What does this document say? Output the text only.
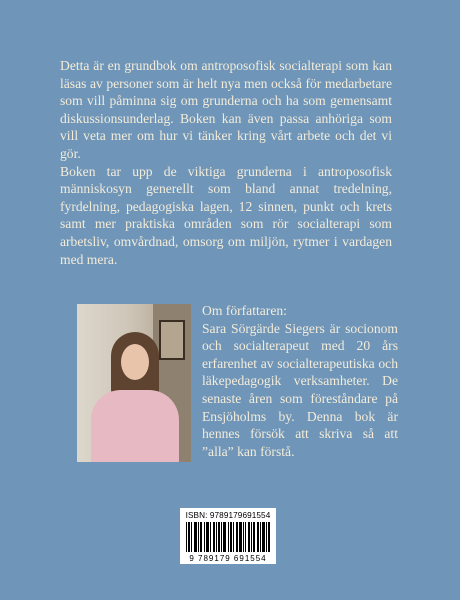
Detta är en grundbok om antroposofisk socialterapi som kan läsas av personer som är helt nya men också för medarbetare som vill påminna sig om grunderna och ha som gemensamt diskussionsunderlag. Boken kan även passa anhöriga som vill veta mer om hur vi tänker kring vårt arbete och det vi gör.

Boken tar upp de viktiga grunderna i antroposofisk människosyn generellt som bland annat tredelning, fyrdelning, pedagogiska lagen, 12 sinnen, punkt och krets samt mer praktiska områden som rör socialterapi som arbetsliv, omvårdnad, omsorg om miljön, rytmer i vardagen med mera.

Om författaren:

Sara Sörgärde Siegers är socionom och socialterapeut med 20 års erfarenhet av socialterapeutiska och läkepedagogik verksamheter. De senaste åren som föreståndare på Ensjöholms by. Denna bok är hennes försök att skriva så att ”alla” kan förstå.

ISBN: 9789179691554
9 789179 691554
